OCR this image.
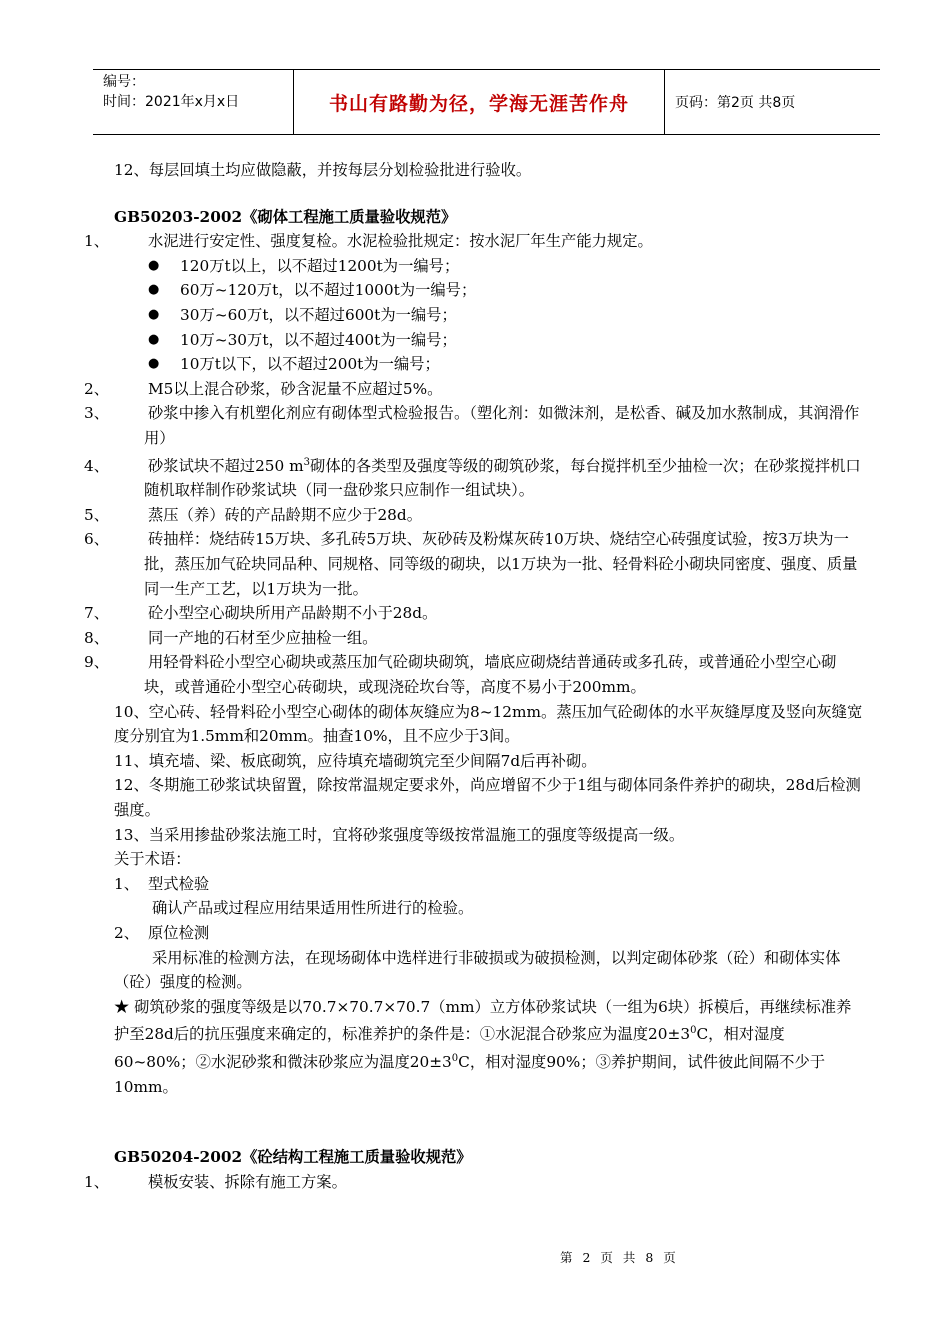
编号：
时间：2021年x月x日	书山有路勤为径，学海无涯苦作舟	页码：第2页 共8页

12、每层回填土均应做隐蔽，并按每层分划检验批进行验收。

GB50203-2002《砌体工程施工质量验收规范》

1、	水泥进行安定性、强度复检。水泥检验批规定：按水泥厂年生产能力规定。

● 120万t以上，以不超过1200t为一编号；

● 60万~120万t，以不超过1000t为一编号；

● 30万~60万t，以不超过600t为一编号；

● 10万~30万t，以不超过400t为一编号；

● 10万t以下，以不超过200t为一编号；

2、	M5以上混合砂浆，砂含泥量不应超过5%。

3、	砂浆中掺入有机塑化剂应有砌体型式检验报告。（塑化剂：如微沫剂，是松香、碱及加水熬制成，其润滑作用）

4、	砂浆试块不超过250 $m^3$砌体的各类型及强度等级的砌筑砂浆，每台搅拌机至少抽检一次；在砂浆搅拌机口随机取样制作砂浆试块（同一盘砂浆只应制作一组试块）。

5、	蒸压（养）砖的产品龄期不应少于28d。

6、	砖抽样：烧结砖15万块、多孔砖5万块、灰砂砖及粉煤灰砖10万块、烧结空心砖强度试验，按3万块为一批，蒸压加气砼块同品种、同规格、同等级的砌块，以1万块为一批、轻骨料砼小砌块同密度、强度、质量同一生产工艺，以1万块为一批。

7、	砼小型空心砌块所用产品龄期不小于28d。

8、	同一产地的石材至少应抽检一组。

9、	用轻骨料砼小型空心砌块或蒸压加气砼砌块砌筑，墙底应砌烧结普通砖或多孔砖，或普通砼小型空心砌块，或普通砼小型空心砖砌块，或现浇砼坎台等，高度不易小于200mm。

10、空心砖、轻骨料砼小型空心砌体的砌体灰缝应为8~12mm。蒸压加气砼砌体的水平灰缝厚度及竖向灰缝宽度分别宜为1.5mm和20mm。抽查10%，且不应少于3间。

11、填充墙、梁、板底砌筑，应待填充墙砌筑完至少间隔7d后再补砌。

12、冬期施工砂浆试块留置，除按常温规定要求外，尚应增留不少于1组与砌体同条件养护的砌块，28d后检测强度。

13、当采用掺盐砂浆法施工时，宜将砂浆强度等级按常温施工的强度等级提高一级。

关于术语：

1、 型式检验

确认产品或过程应用结果适用性所进行的检验。

2、 原位检测

采用标准的检测方法，在现场砌体中选样进行非破损或为破损检测，以判定砌体砂浆（砼）和砌体实体（砼）强度的检测。

★ 砌筑砂浆的强度等级是以70.7×70.7×70.7（mm）立方体砂浆试块（一组为6块）拆模后，再继续标准养护至28d后的抗压强度来确定的，标准养护的条件是：①水泥混合砂浆应为温度$20\pm 3^0C$，相对湿度60~80%；②水泥砂浆和微沫砂浆应为温度$20\pm 3^0C$，相对湿度90%；③养护期间，试件彼此间隔不少于10mm。

GB50204-2002《砼结构工程施工质量验收规范》

1、	模板安装、拆除有施工方案。

第 2 页 共 8 页
